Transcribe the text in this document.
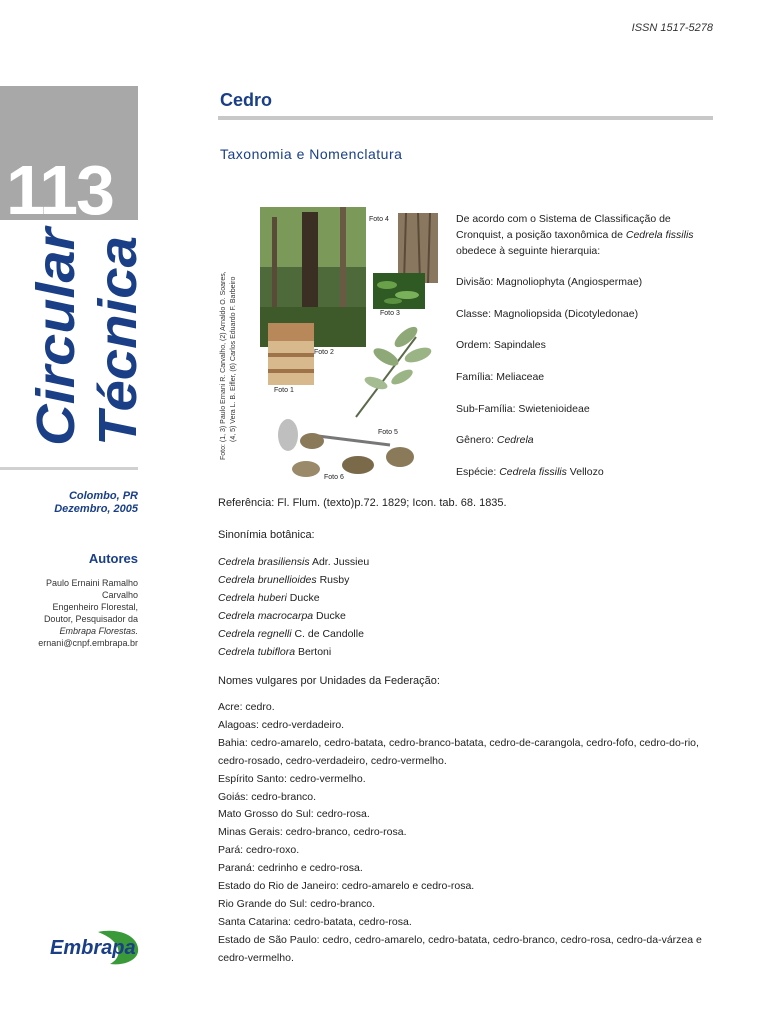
ISSN 1517-5278
113
Circular Técnica
Colombo, PR
Dezembro, 2005
Autores
Paulo Ernaini Ramalho
Carvalho
Engenheiro Florestal,
Doutor, Pesquisador da
Embrapa Florestas.
ernani@cnpf.embrapa.br
Embrapa
Cedro
Taxonomia e Nomenclatura
Foto: (1, 3) Paulo Ernani R. Carvalho, (2) Arnaldo O. Soares, (4, 5) Vera L. B. Eifler, (6) Carlos Eduardo F. Barbeiro	Foto 1
Foto 2
Foto 3
Foto 4
Foto 5
Foto 6
De acordo com o Sistema de Classificação de Cronquist, a posição taxonômica de Cedrela fissilis obedece à seguinte hierarquia:
Divisão: Magnoliophyta (Angiospermae)
Classe: Magnoliopsida (Dicotyledonae)
Ordem: Sapindales
Família: Meliaceae
Sub-Família: Swietenioideae
Gênero: Cedrela
Espécie: Cedrela fissilis Vellozo
Referência: Fl. Flum. (texto)p.72. 1829; Icon. tab. 68. 1835.
Sinonímia botânica:
Cedrela brasiliensis Adr. Jussieu
Cedrela brunellioides Rusby
Cedrela huberi Ducke
Cedrela macrocarpa Ducke
Cedrela regnelli C. de Candolle
Cedrela tubiflora Bertoni
Nomes vulgares por Unidades da Federação:
Acre: cedro.
Alagoas: cedro-verdadeiro.
Bahia: cedro-amarelo, cedro-batata, cedro-branco-batata, cedro-de-carangola, cedro-fofo, cedro-do-rio, cedro-rosado, cedro-verdadeiro, cedro-vermelho.
Espírito Santo: cedro-vermelho.
Goiás: cedro-branco.
Mato Grosso do Sul: cedro-rosa.
Minas Gerais: cedro-branco, cedro-rosa.
Pará: cedro-roxo.
Paraná: cedrinho e cedro-rosa.
Estado do Rio de Janeiro: cedro-amarelo e cedro-rosa.
Rio Grande do Sul: cedro-branco.
Santa Catarina: cedro-batata, cedro-rosa.
Estado de São Paulo: cedro, cedro-amarelo, cedro-batata, cedro-branco, cedro-rosa, cedro-da-várzea e cedro-vermelho.
